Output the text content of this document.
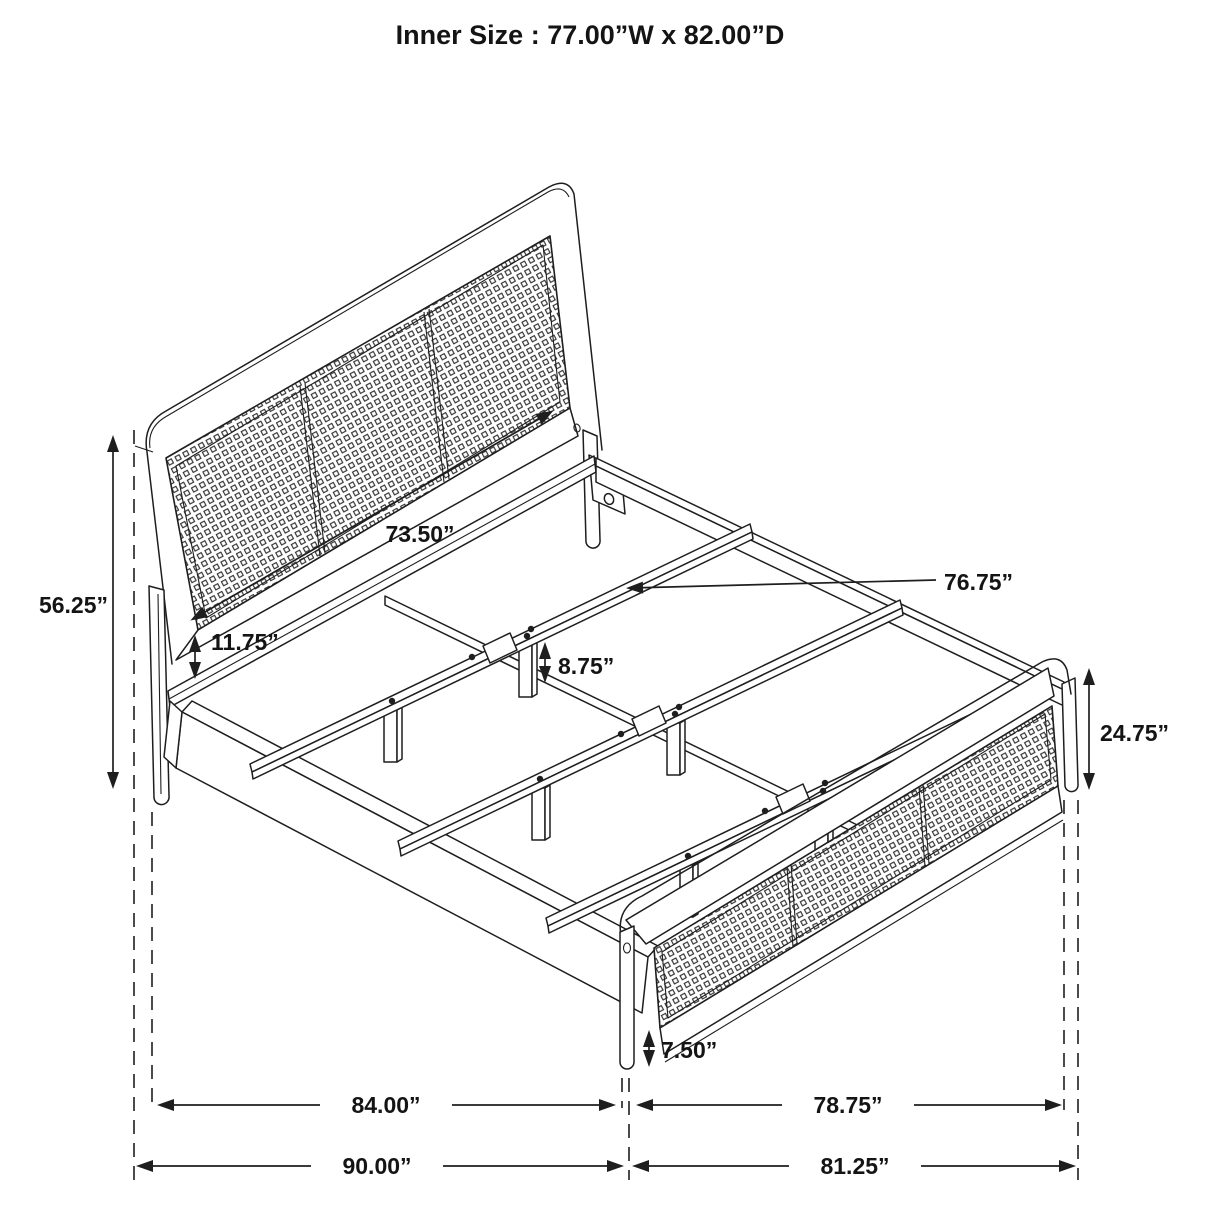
Inner Size : 77.00”W x 82.00”D
56.25”
11.75”
73.50”
8.75”
76.75”
24.75”
7.50”
84.00”	78.75”
90.00”	81.25”
